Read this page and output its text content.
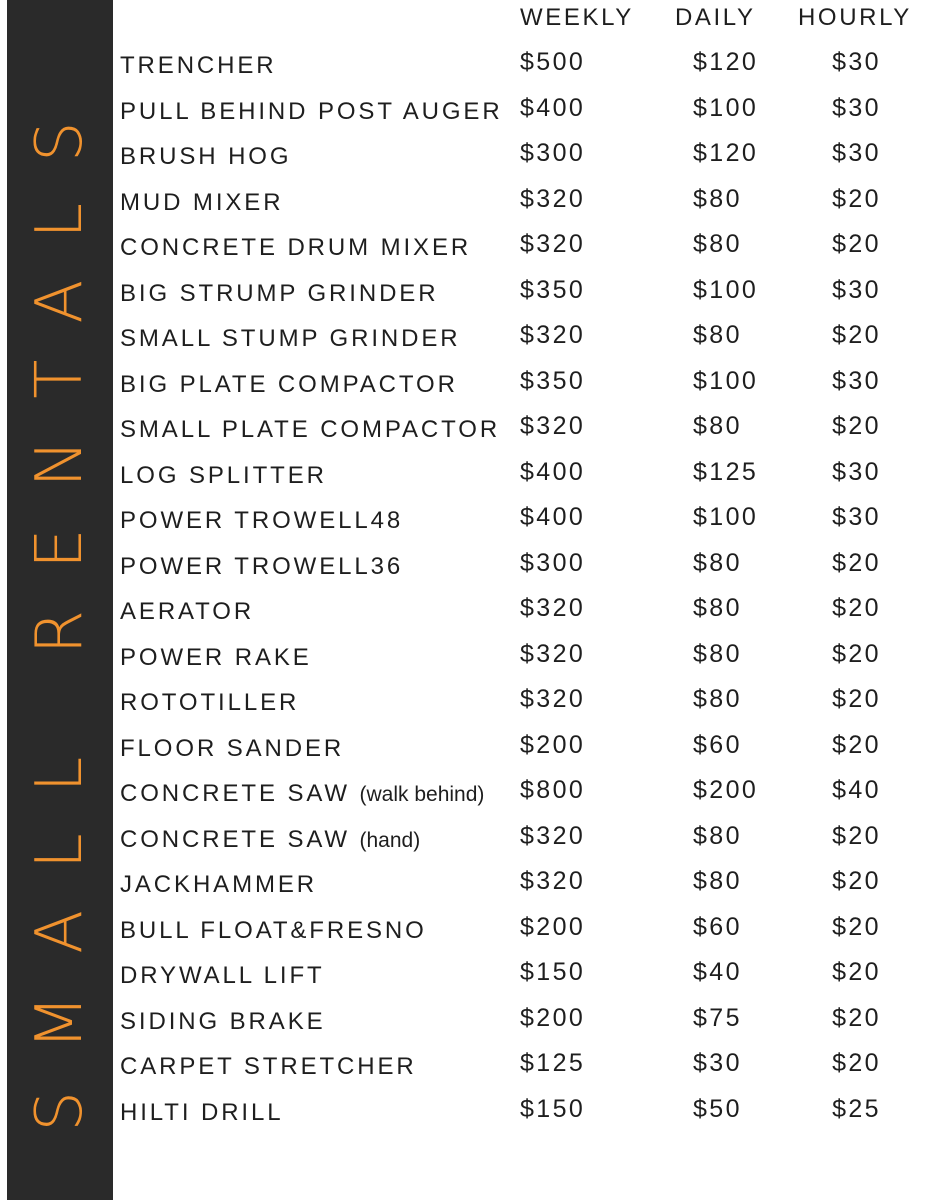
SMALL RENTALS
WEEKLY DAILY HOURLY
TRENCHER	$500	$120	$30
PULL BEHIND POST AUGER $400	$100	$30
BRUSH HOG	$300	$120	$30
MUD MIXER	$320	$80	$20
CONCRETE DRUM MIXER $320	$80	$20
BIG STRUMP GRINDER	$350	$100	$30
SMALL STUMP GRINDER $320	$80	$20
BIG PLATE COMPACTOR $350	$100	$30
SMALL PLATE COMPACTOR $320	$80	$20
LOG SPLITTER	$400	$125	$30
POWER TROWELL48	$400	$100	$30
POWER TROWELL36	$300	$80	$20
AERATOR	$320	$80	$20
POWER RAKE	$320	$80	$20
ROTOTILLER	$320	$80	$20
FLOOR SANDER	$200	$60	$20
CONCRETE SAW (walk behind) $800	$200	$40
CONCRETE SAW (hand)	$320	$80	$20
JACKHAMMER	$320	$80	$20
BULL FLOAT&FRESNO	$200	$60	$20
DRYWALL LIFT	$150	$40	$20
SIDING BRAKE	$200	$75	$20
CARPET STRETCHER	$125	$30	$20
HILTI DRILL	$150	$50	$25
